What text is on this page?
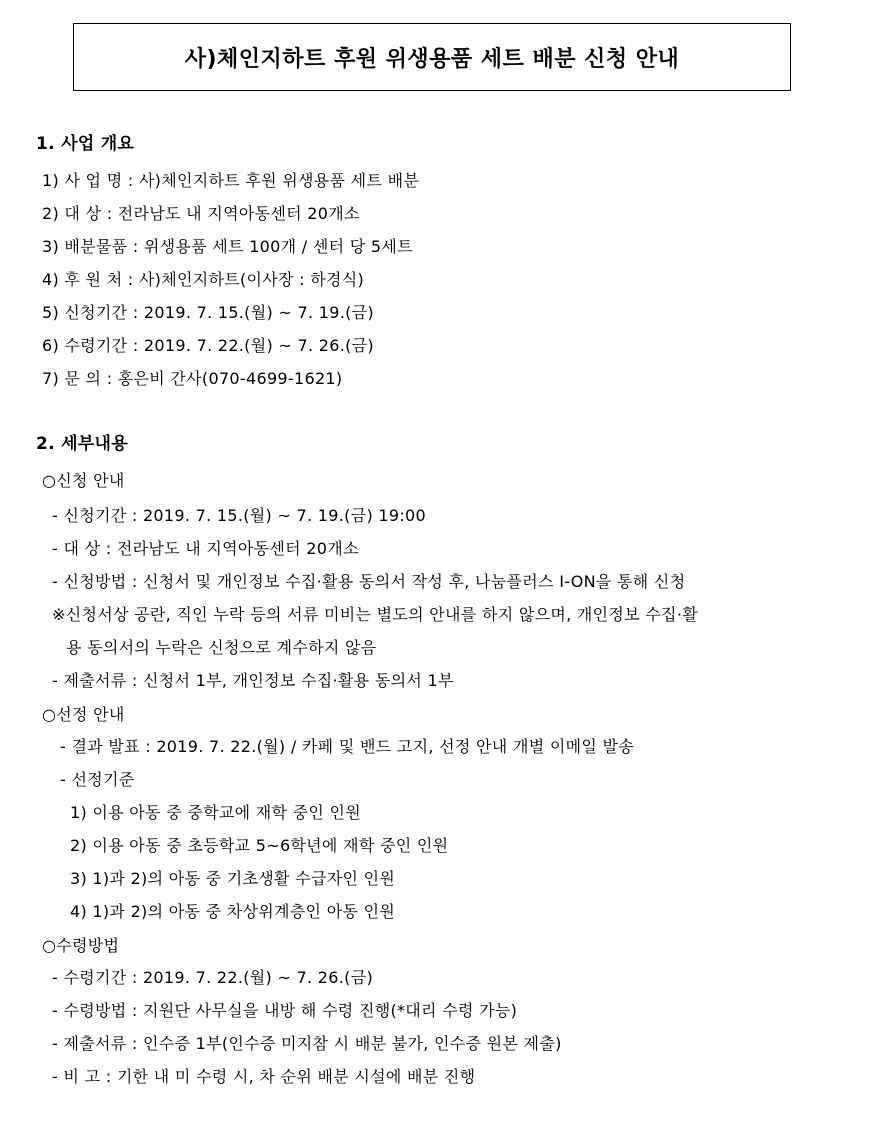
사)체인지하트 후원 위생용품 세트 배분 신청 안내
1. 사업 개요
1) 사 업 명 : 사)체인지하트 후원 위생용품 세트 배분
2) 대 상 : 전라남도 내 지역아동센터 20개소
3) 배분물품 : 위생용품 세트 100개 / 센터 당 5세트
4) 후 원 처 : 사)체인지하트(이사장 : 하경식)
5) 신청기간 : 2019. 7. 15.(월) ~ 7. 19.(금)
6) 수령기간 : 2019. 7. 22.(월) ~ 7. 26.(금)
7) 문 의 : 홍은비 간사(070-4699-1621)
2. 세부내용
○신청 안내
- 신청기간 : 2019. 7. 15.(월) ~ 7. 19.(금) 19:00
- 대 상 : 전라남도 내 지역아동센터 20개소
- 신청방법 : 신청서 및 개인정보 수집·활용 동의서 작성 후, 나눔플러스 I-ON을 통해 신청
※신청서상 공란, 직인 누락 등의 서류 미비는 별도의 안내를 하지 않으며, 개인정보 수집·활
용 동의서의 누락은 신청으로 계수하지 않음
- 제출서류 : 신청서 1부, 개인정보 수집·활용 동의서 1부
○선정 안내
- 결과 발표 : 2019. 7. 22.(월) / 카페 및 밴드 고지, 선정 안내 개별 이메일 발송
- 선정기준
1) 이용 아동 중 중학교에 재학 중인 인원
2) 이용 아동 중 초등학교 5~6학년에 재학 중인 인원
3) 1)과 2)의 아동 중 기초생활 수급자인 인원
4) 1)과 2)의 아동 중 차상위계층인 아동 인원
○수령방법
- 수령기간 : 2019. 7. 22.(월) ~ 7. 26.(금)
- 수령방법 : 지원단 사무실을 내방 해 수령 진행(*대리 수령 가능)
- 제출서류 : 인수증 1부(인수증 미지참 시 배분 불가, 인수증 원본 제출)
- 비 고 : 기한 내 미 수령 시, 차 순위 배분 시설에 배분 진행
